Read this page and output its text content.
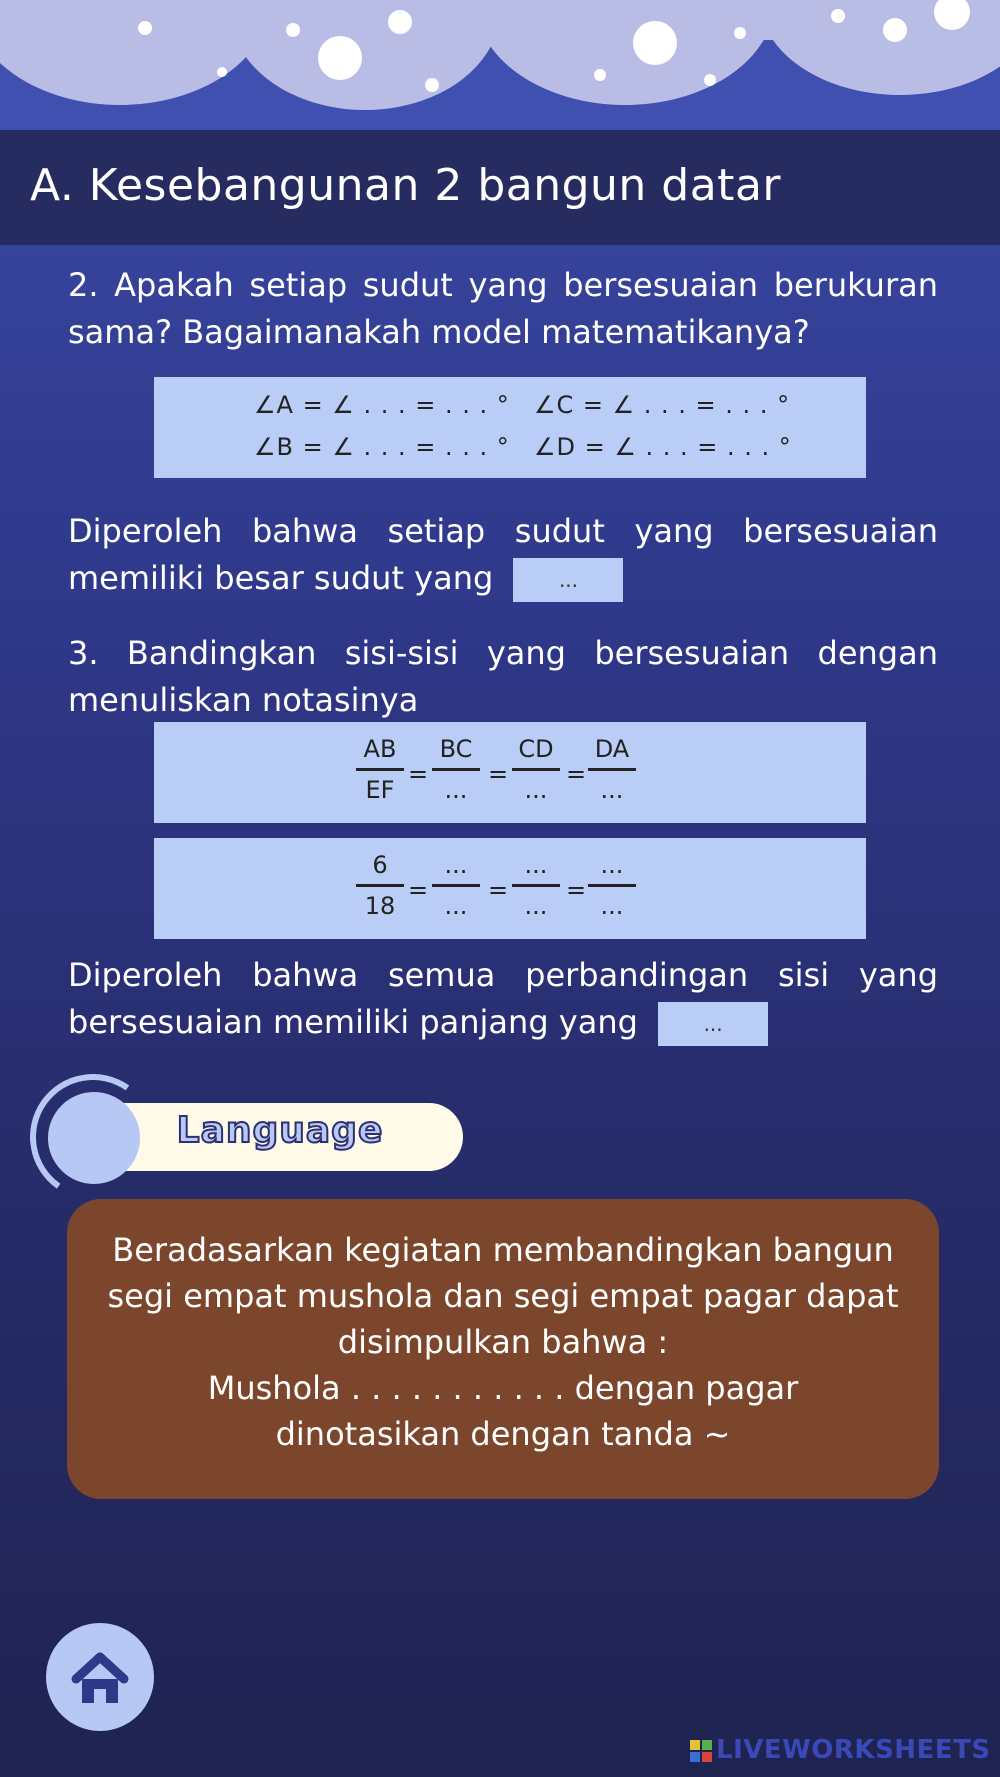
A. Kesebangunan 2 bangun datar
2. Apakah setiap sudut yang bersesuaian berukuran sama? Bagaimanakah model matematikanya?
∠A = ∠ . . . = . . . ° ∠C = ∠ . . . = . . . °
∠B = ∠ . . . = . . . ° ∠D = ∠ . . . = . . . °
Diperoleh bahwa setiap sudut yang bersesuaian memiliki besar sudut yang	...
3. Bandingkan sisi-sisi yang bersesuaian dengan menuliskan notasinya
AB
EF
=
BC
...
=
CD
...
=
DA
...
6
18
=
...
...
=
...
...
=
...
...
Diperoleh bahwa semua perbandingan sisi yang bersesuaian memiliki panjang yang	...
Language

Beradasarkan kegiatan membandingkan bangun

segi empat mushola dan segi empat pagar dapat

disimpulkan bahwa :

Mushola . . . . . . . . . . . dengan pagar

dinotasikan dengan tanda ~

LIVEWORKSHEETS
